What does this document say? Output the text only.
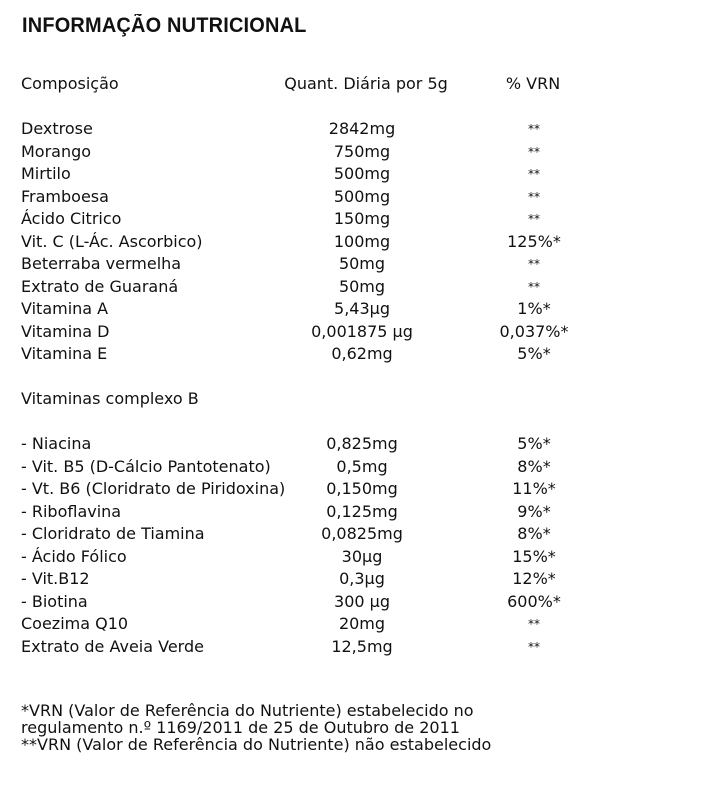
INFORMAÇÃO NUTRICIONAL
Composição	Quant. Diária por 5g	% VRN
Dextrose	2842mg	**
Morango	750mg	**
Mirtilo	500mg	**
Framboesa	500mg	**
Ácido Citrico	150mg	**
Vit. C (L-Ác. Ascorbico)	100mg	125%*
Beterraba vermelha	50mg	**
Extrato de Guaraná	50mg	**
Vitamina A	5,43µg	1%*
Vitamina D	0,001875 µg	0,037%*
Vitamina E	0,62mg	5%*
Vitaminas complexo B
- Niacina	0,825mg	5%*
- Vit. B5 (D-Cálcio Pantotenato)	0,5mg	8%*
- Vt. B6 (Cloridrato de Piridoxina)	0,150mg	11%*
- Riboflavina	0,125mg	9%*
- Cloridrato de Tiamina	0,0825mg	8%*
- Ácido Fólico	30µg	15%*
- Vit.B12	0,3µg	12%*
- Biotina	300 µg	600%*
Coezima Q10	20mg	**
Extrato de Aveia Verde	12,5mg	**
*VRN (Valor de Referência do Nutriente) estabelecido no
regulamento n.º 1169/2011 de 25 de Outubro de 2011
**VRN (Valor de Referência do Nutriente) não estabelecido
